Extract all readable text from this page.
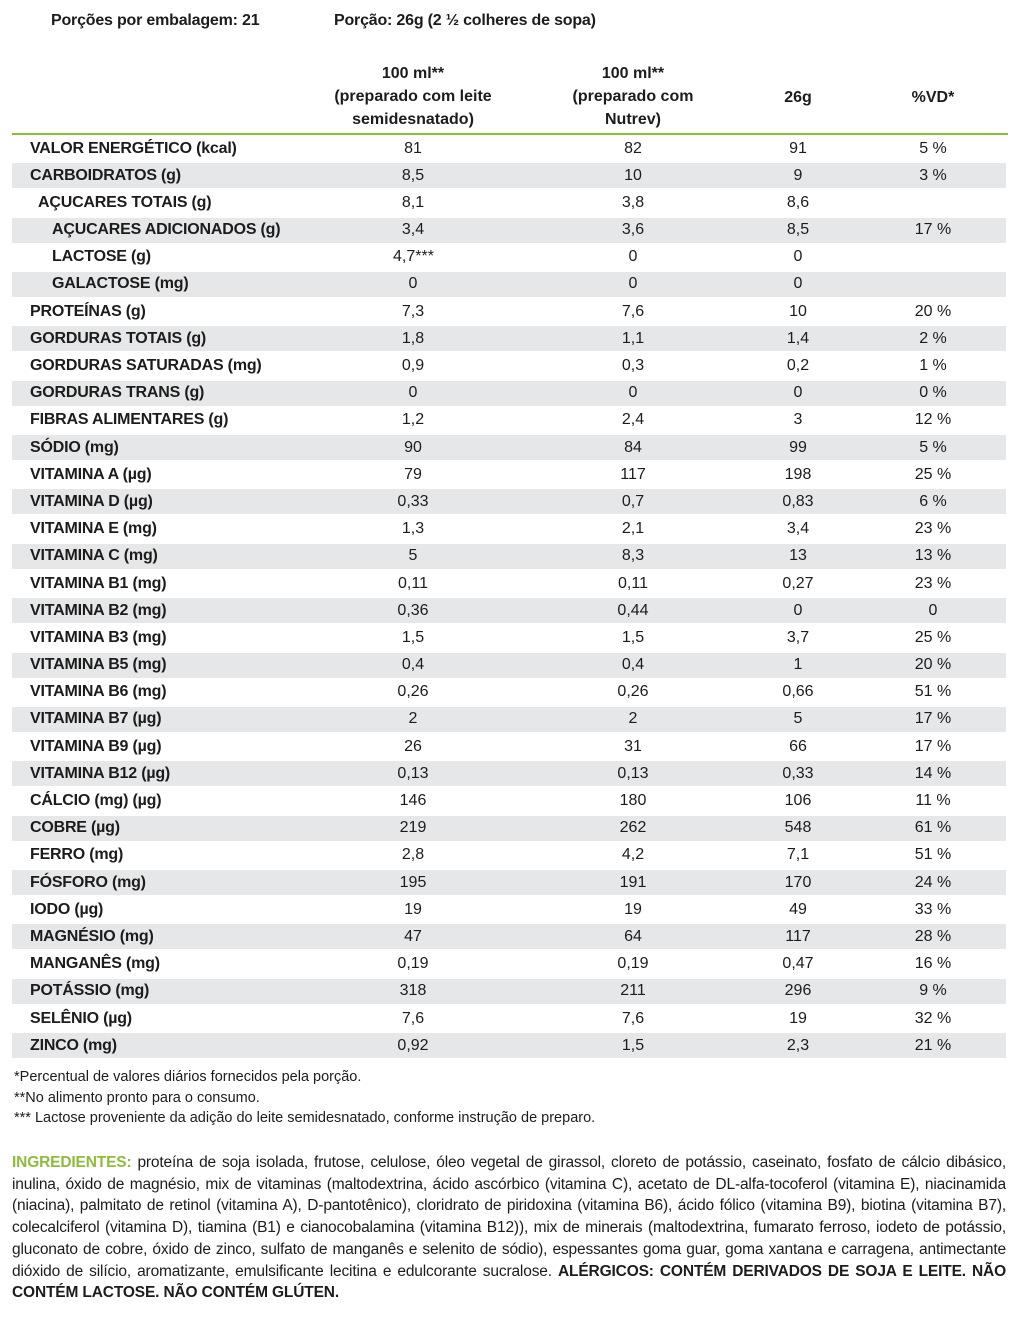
Porções por embalagem: 21	Porção: 26g (2 ½ colheres de sopa)
100 ml**
(preparado com leite
semidesnatado)
100 ml**
(preparado com
Nutrev)
26g	%VD*
VALOR ENERGÉTICO (kcal)	81	82	91	5 %
CARBOIDRATOS (g)	8,5	10	9	3 %
AÇUCARES TOTAIS (g)	8,1	3,8	8,6
AÇUCARES ADICIONADOS (g)	3,4	3,6	8,5	17 %
LACTOSE (g)	4,7***	0	0
GALACTOSE (mg)	0	0	0
PROTEÍNAS (g)	7,3	7,6	10	20 %
GORDURAS TOTAIS (g)	1,8	1,1	1,4	2 %
GORDURAS SATURADAS (mg)	0,9	0,3	0,2	1 %
GORDURAS TRANS (g)	0	0	0	0 %
FIBRAS ALIMENTARES (g)	1,2	2,4	3	12 %
SÓDIO (mg)	90	84	99	5 %
VITAMINA A (µg)	79	117	198	25 %
VITAMINA D (µg)	0,33	0,7	0,83	6 %
VITAMINA E (mg)	1,3	2,1	3,4	23 %
VITAMINA C (mg)	5	8,3	13	13 %
VITAMINA B1 (mg)	0,11	0,11	0,27	23 %
VITAMINA B2 (mg)	0,36	0,44	0	0
VITAMINA B3 (mg)	1,5	1,5	3,7	25 %
VITAMINA B5 (mg)	0,4	0,4	1	20 %
VITAMINA B6 (mg)	0,26	0,26	0,66	51 %
VITAMINA B7 (µg)	2	2	5	17 %
VITAMINA B9 (µg)	26	31	66	17 %
VITAMINA B12 (µg)	0,13	0,13	0,33	14 %
CÁLCIO (mg) (µg)	146	180	106	11 %
COBRE (µg)	219	262	548	61 %
FERRO (mg)	2,8	4,2	7,1	51 %
FÓSFORO (mg)	195	191	170	24 %
IODO (µg)	19	19	49	33 %
MAGNÉSIO (mg)	47	64	117	28 %
MANGANÊS (mg)	0,19	0,19	0,47	16 %
POTÁSSIO (mg)	318	211	296	9 %
SELÊNIO (µg)	7,6	7,6	19	32 %
ZINCO (mg)	0,92	1,5	2,3	21 %
*Percentual de valores diários fornecidos pela porção.
**No alimento pronto para o consumo.
*** Lactose proveniente da adição do leite semidesnatado, conforme instrução de preparo.
INGREDIENTES: proteína de soja isolada, frutose, celulose, óleo vegetal de girassol, cloreto de potássio, caseinato, fosfato de cálcio dibásico, inulina, óxido de magnésio, mix de vitaminas (maltodextrina, ácido ascórbico (vitamina C), acetato de DL-alfa-tocoferol (vitamina E), niacinamida (niacina), palmitato de retinol (vitamina A), D-pantotênico), cloridrato de piridoxina (vitamina B6), ácido fólico (vitamina B9), biotina (vitamina B7), colecalciferol (vitamina D), tiamina (B1) e cianocobalamina (vitamina B12)), mix de minerais (maltodextrina, fumarato ferroso, iodeto de potássio, gluconato de cobre, óxido de zinco, sulfato de manganês e selenito de sódio), espessantes goma guar, goma xantana e carragena, antimectante dióxido de silício, aromatizante, emulsificante lecitina e edulcorante sucralose. ALÉRGICOS: CONTÉM DERIVADOS DE SOJA E LEITE. NÃO CONTÉM LACTOSE. NÃO CONTÉM GLÚTEN.
